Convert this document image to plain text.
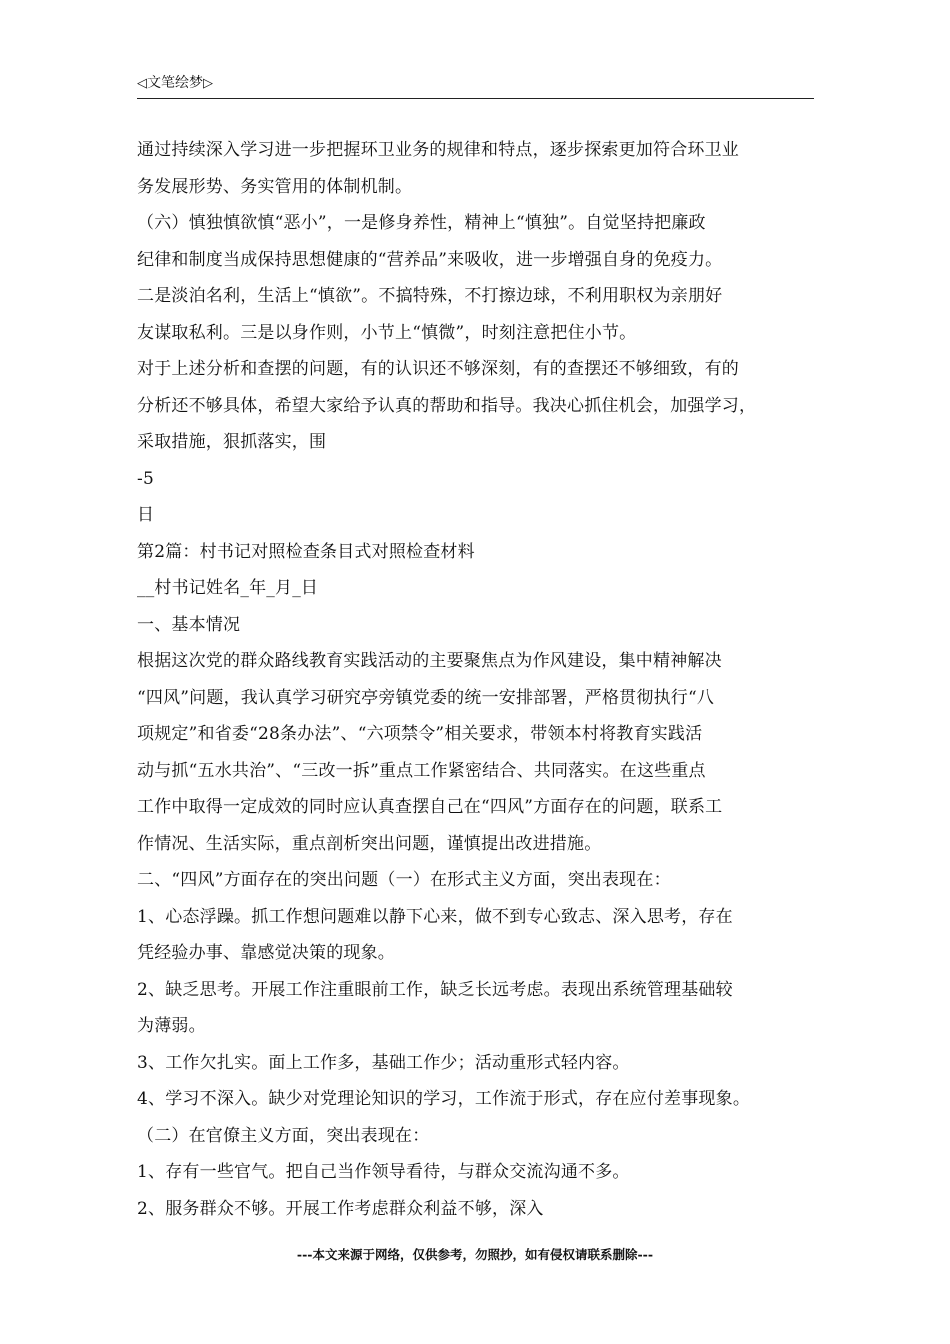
◁文笔绘梦▷
通过持续深入学习进一步把握环卫业务的规律和特点，逐步探索更加符合环卫业
务发展形势、务实管用的体制机制。
（六）慎独慎欲慎“恶小”，一是修身养性，精神上“慎独”。自觉坚持把廉政
纪律和制度当成保持思想健康的“营养品”来吸收，进一步增强自身的免疫力。
二是淡泊名利，生活上“慎欲”。不搞特殊，不打擦边球，不利用职权为亲朋好
友谋取私利。三是以身作则，小节上“慎微”，时刻注意把住小节。
对于上述分析和查摆的问题，有的认识还不够深刻，有的查摆还不够细致，有的
分析还不够具体，希望大家给予认真的帮助和指导。我决心抓住机会，加强学习，
采取措施，狠抓落实，围
-5
日
第2篇：村书记对照检查条目式对照检查材料
__村书记姓名_年_月_日
一、基本情况
根据这次党的群众路线教育实践活动的主要聚焦点为作风建设，集中精神解决
“四风”问题，我认真学习研究亭旁镇党委的统一安排部署，严格贯彻执行“八
项规定”和省委“28条办法”、“六项禁令”相关要求，带领本村将教育实践活
动与抓“五水共治”、“三改一拆”重点工作紧密结合、共同落实。在这些重点
工作中取得一定成效的同时应认真查摆自己在“四风”方面存在的问题，联系工
作情况、生活实际，重点剖析突出问题，谨慎提出改进措施。
二、“四风”方面存在的突出问题（一）在形式主义方面，突出表现在：
1、心态浮躁。抓工作想问题难以静下心来，做不到专心致志、深入思考，存在
凭经验办事、靠感觉决策的现象。
2、缺乏思考。开展工作注重眼前工作，缺乏长远考虑。表现出系统管理基础较
为薄弱。
3、工作欠扎实。面上工作多，基础工作少；活动重形式轻内容。
4、学习不深入。缺少对党理论知识的学习，工作流于形式，存在应付差事现象。
（二）在官僚主义方面，突出表现在：
1、存有一些官气。把自己当作领导看待，与群众交流沟通不多。
2、服务群众不够。开展工作考虑群众利益不够，深入
---本文来源于网络，仅供参考，勿照抄，如有侵权请联系删除---
